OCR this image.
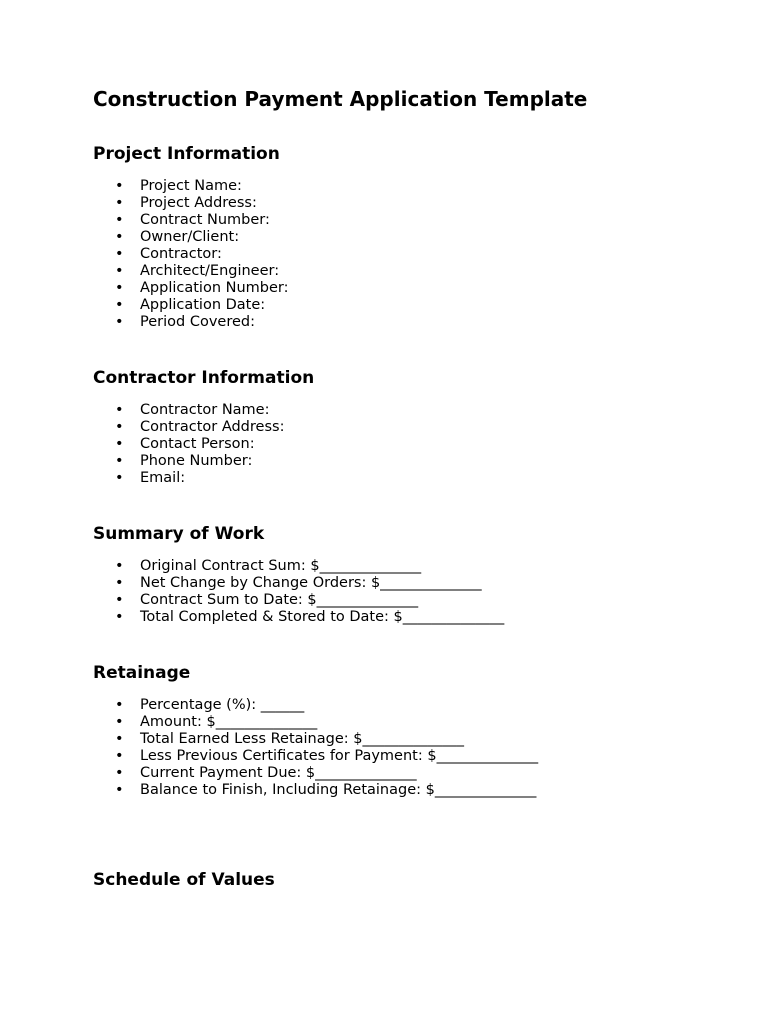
Construction Payment Application Template
Project Information
• Project Name:
• Project Address:
• Contract Number:
• Owner/Client:
• Contractor:
• Architect/Engineer:
• Application Number:
• Application Date:
• Period Covered:
Contractor Information
• Contractor Name:
• Contractor Address:
• Contact Person:
• Phone Number:
• Email:
Summary of Work
• Original Contract Sum: $______________
• Net Change by Change Orders: $______________
• Contract Sum to Date: $______________
• Total Completed & Stored to Date: $______________
Retainage
• Percentage (%): ______
• Amount: $______________
• Total Earned Less Retainage: $______________
• Less Previous Certificates for Payment: $______________
• Current Payment Due: $______________
• Balance to Finish, Including Retainage: $______________
Schedule of Values
